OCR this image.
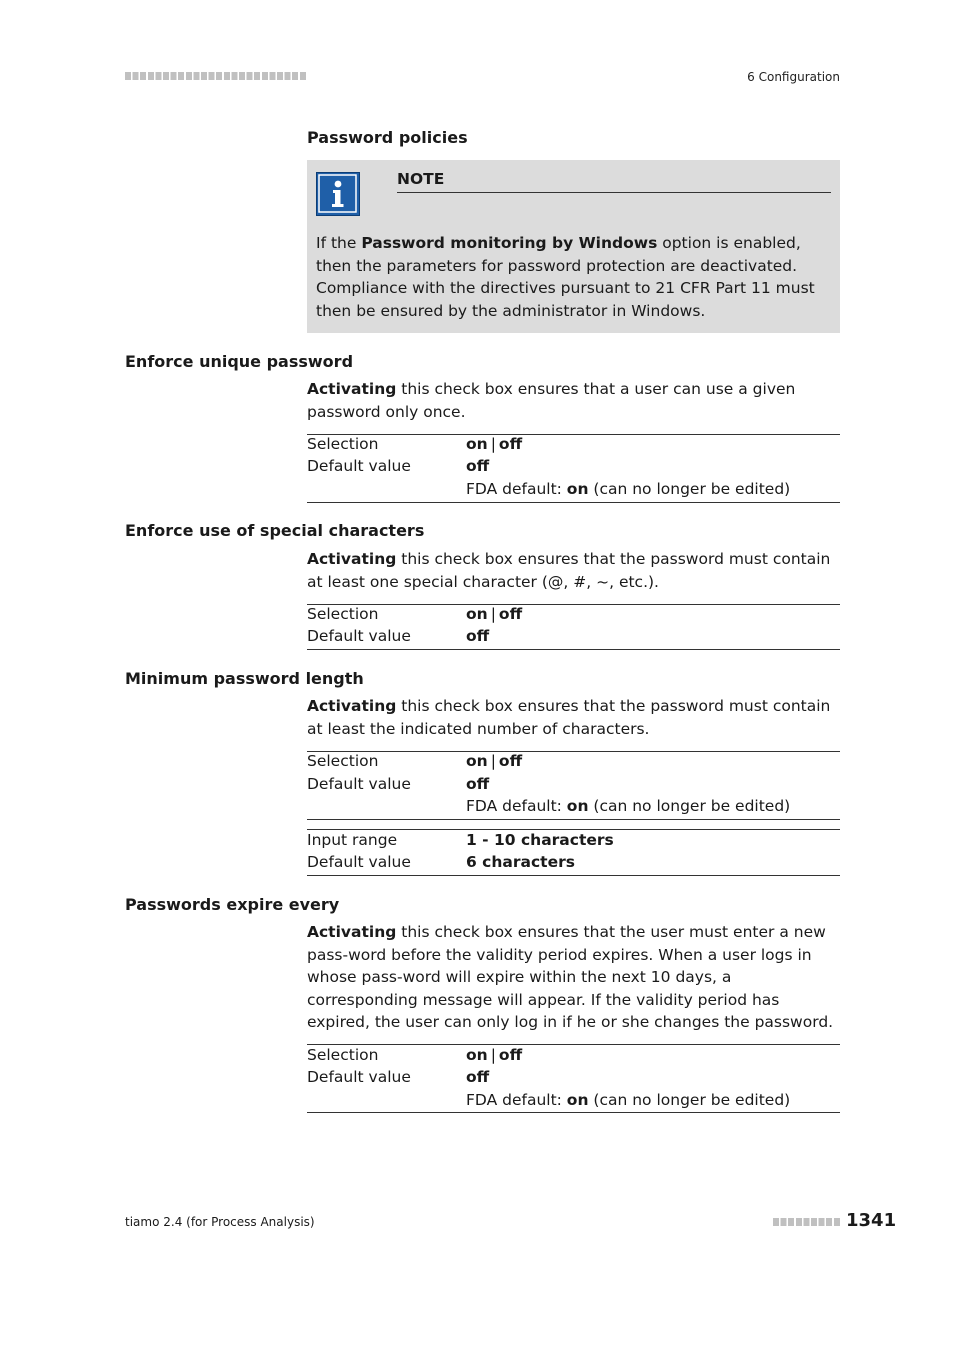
6 Configuration
Password policies
NOTE
If the Password monitoring by Windows option is enabled, then the parameters for password protection are deactivated. Compliance with the directives pursuant to 21 CFR Part 11 must then be ensured by the administrator in Windows.
Enforce unique password
Activating this check box ensures that a user can use a given password only once.
Selection	on | off
Default value	off
FDA default: on (can no longer be edited)
Enforce use of special characters
Activating this check box ensures that the password must contain at least one special character (@, #, ~, etc.).
Selection	on | off
Default value	off
Minimum password length
Activating this check box ensures that the password must contain at least the indicated number of characters.
Selection	on | off
Default value	off
FDA default: on (can no longer be edited)
Input range	1 - 10 characters
Default value	6 characters
Passwords expire every
Activating this check box ensures that the user must enter a new pass-word before the validity period expires. When a user logs in whose pass-word will expire within the next 10 days, a corresponding message will appear. If the validity period has expired, the user can only log in if he or she changes the password.
Selection	on | off
Default value	off
FDA default: on (can no longer be edited)
tiamo 2.4 (for Process Analysis)	1341
